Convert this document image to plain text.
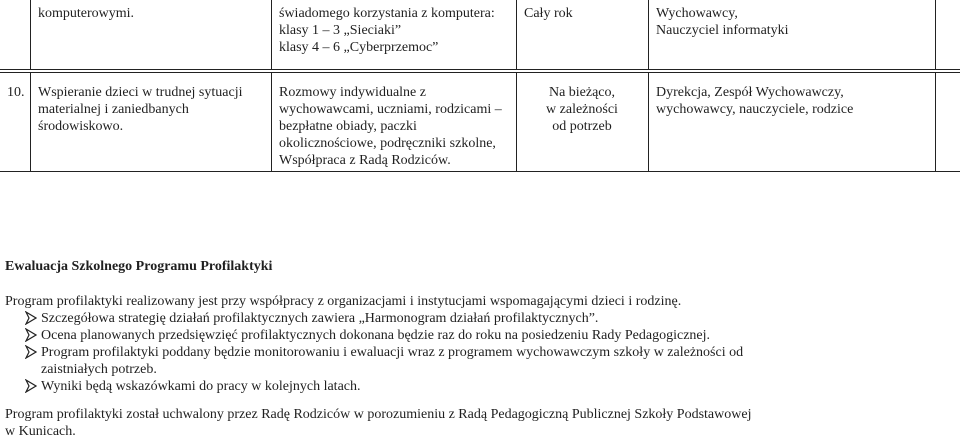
komputerowymi.	świadomego korzystania z komputera:
klasy 1 – 3 „Sieciaki”
klasy 4 – 6 „Cyberprzemoc”
Cały rok	Wychowawcy,
Nauczyciel informatyki
10. Wspieranie dzieci w trudnej sytuacji
materialnej i zaniedbanych
środowiskowo.
Rozmowy indywidualne z
wychowawcami, uczniami, rodzicami –
bezpłatne obiady, paczki
okolicznościowe, podręczniki szkolne,
Współpraca z Radą Rodziców.
Na bieżąco,
w zależności
od potrzeb
Dyrekcja, Zespół Wychowawczy,
wychowawcy, nauczyciele, rodzice
Ewaluacja Szkolnego Programu Profilaktyki

Program profilaktyki realizowany jest przy współpracy z organizacjami i instytucjami wspomagającymi dzieci i rodzinę.

Szczegółowa strategię działań profilaktycznych zawiera „Harmonogram działań profilaktycznych”.
Ocena planowanych przedsięwzięć profilaktycznych dokonana będzie raz do roku na posiedzeniu Rady Pedagogicznej.
Program profilaktyki poddany będzie monitorowaniu i ewaluacji wraz z programem wychowawczym szkoły w zależności od zaistniałych potrzeb.
Wyniki będą wskazówkami do pracy w kolejnych latach.
Program profilaktyki został uchwalony przez Radę Rodziców w porozumieniu z Radą Pedagogiczną Publicznej Szkoły Podstawowej
w Kunicach.
